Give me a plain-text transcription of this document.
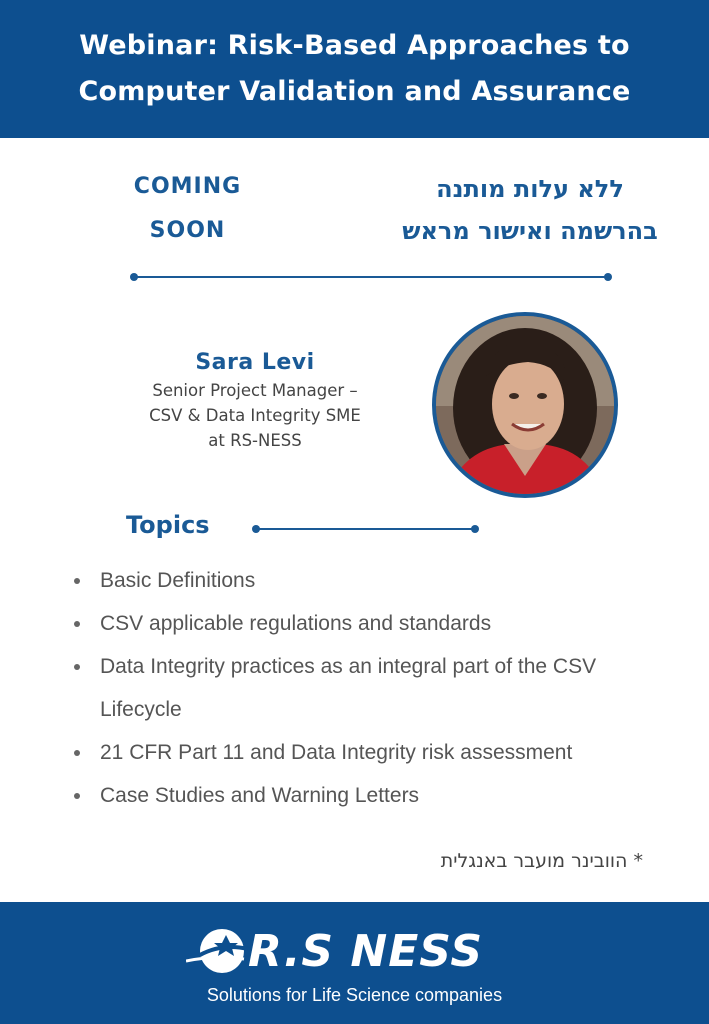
Webinar: Risk-Based Approaches to
Computer Validation and Assurance
COMING
SOON
ללא עלות מותנה
בהרשמה ואישור מראש
Sara Levi
Senior Project Manager –
CSV & Data Integrity SME
at RS-NESS
Topics
Basic Definitions
CSV applicable regulations and standards
Data Integrity practices as an integral part of the CSV
Lifecycle
21 CFR Part 11 and Data Integrity risk assessment
Case Studies and Warning Letters
* הוובינר מועבר באנגלית
R.S NESS
Solutions for Life Science companies
